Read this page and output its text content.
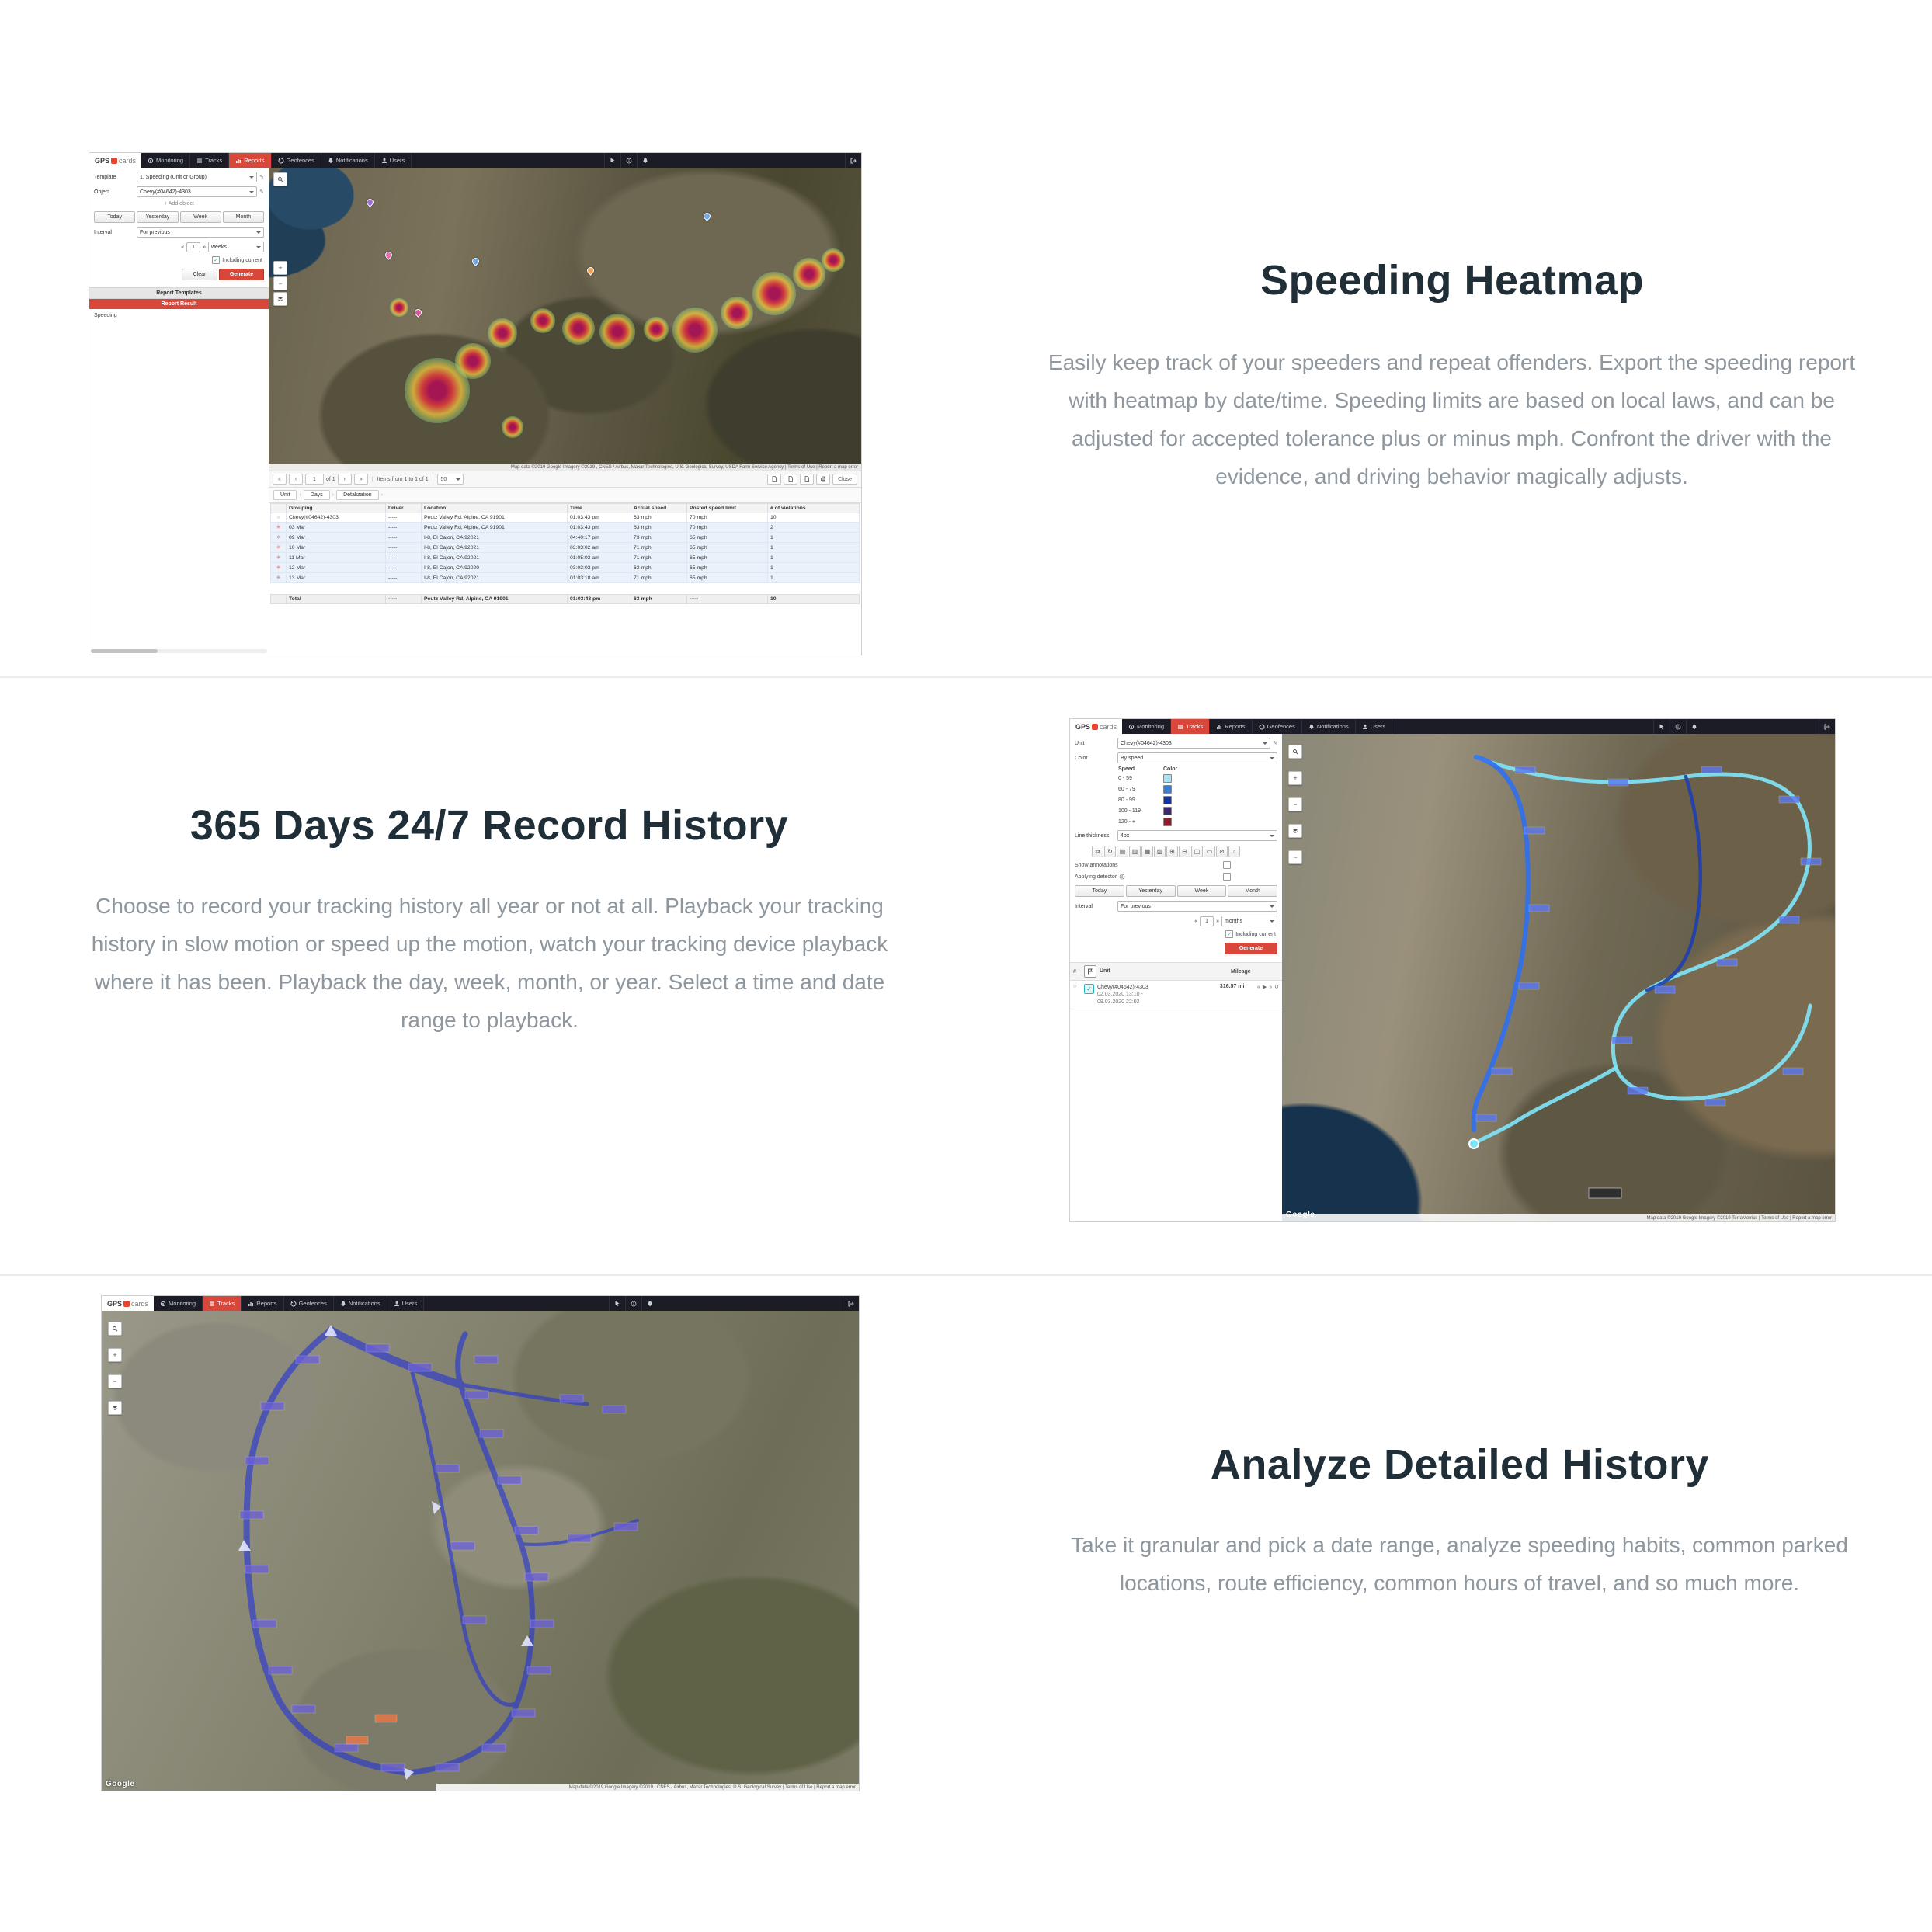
GPS cards	Monitoring	Tracks	Reports	Geofences	Notifications	Users
Template	1. Speeding (Unit or Group)	✎
Object	Chevy(#04642)-4303	✎
+ Add object
Today	Yesterday	Week	Month
Interval	For previous
«	1	» weeks
✓ Including current
Clear	Generate
Report Templates
Report Result
Speeding
+
−
Map data ©2019 Google Imagery ©2019 , CNES / Airbus, Maxar Technologies, U.S. Geological Survey, USDA Farm Service Agency | Terms of Use | Report a map error
«	‹	1	of 1	›	»	| Items from 1 to 1 of 1 | 50	Close
Unit	›	Days	›	Detalization	›
	Grouping	Driver	Location	Time	Actual speed	Posted speed limit	# of violations
○	Chevy(#04642)-4303	-----	Peutz Valley Rd, Alpine, CA 91901	01:03:43 pm	63 mph	70 mph	10
✳	03 Mar	-----	Peutz Valley Rd, Alpine, CA 91901	01:03:43 pm	63 mph	70 mph	2
✳	09 Mar	-----	I-8, El Cajon, CA 92021	04:40:17 pm	73 mph	65 mph	1
✳	10 Mar	-----	I-8, El Cajon, CA 92021	03:03:02 am	71 mph	65 mph	1
✳	11 Mar	-----	I-8, El Cajon, CA 92021	01:05:03 am	71 mph	65 mph	1
✳	12 Mar	-----	I-8, El Cajon, CA 92020	03:03:03 pm	63 mph	65 mph	1
✳	13 Mar	-----	I-8, El Cajon, CA 92021	01:03:18 am	71 mph	65 mph	1
	Total	-----	Peutz Valley Rd, Alpine, CA 91901	01:03:43 pm	63 mph	-----	10
Speeding Heatmap
Easily keep track of your speeders and repeat offenders. Export the speeding report with heatmap by date/time. Speeding limits are based on local laws, and can be adjusted for accepted tolerance plus or minus mph. Confront the driver with the evidence, and driving behavior magically adjusts.
365 Days 24/7 Record History
Choose to record your tracking history all year or not at all. Playback your tracking history in slow motion or speed up the motion, watch your tracking device playback where it has been. Playback the day, week, month, or year. Select a time and date range to playback.
GPS cards	Monitoring	Tracks	Reports	Geofences	Notifications	Users
Unit	Chevy(#04642)-4303	✎
Color	By speed
Speed	Color
0 - 59
60 - 79
80 - 99
100 - 119
120 - +
Line thickness	4px
⇄	↻	▤	▥	▦	▧	⊞	⊟	◫	▭	⊘	▫
Show annotations
Applying detector
Today	Yesterday	Week	Month
Interval	For previous
«	1	» months
✓ Including current
Generate
#	Unit	Mileage
○	✓	Chevy(#04642)-4303
02.03.2020 13:10 -
09.03.2020 22:02
316.57 mi	« ▶ » ↺
+
−
~
Map data ©2019 Google Imagery ©2019 TerraMetrics | Terms of Use | Report a map error
GPS cards	Monitoring	Tracks	Reports	Geofences	Notifications	Users
+
−
Google	Map data ©2019 Google Imagery ©2019 , CNES / Airbus, Maxar Technologies, U.S. Geological Survey | Terms of Use | Report a map error
Analyze Detailed History
Take it granular and pick a date range, analyze speeding habits, common parked locations, route efficiency, common hours of travel, and so much more.
